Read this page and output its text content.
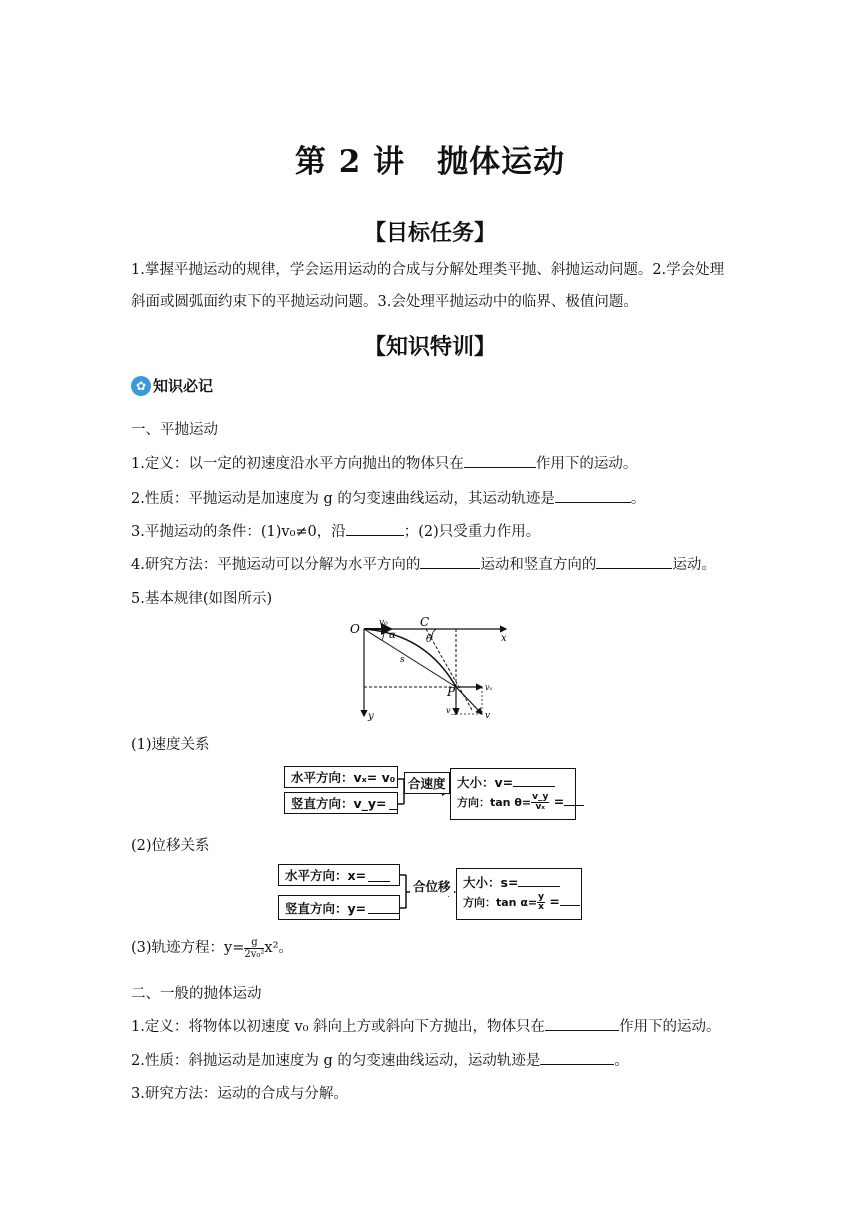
第 2 讲　抛体运动
【目标任务】
1.掌握平抛运动的规律，学会运用运动的合成与分解处理类平抛、斜抛运动问题。2.学会处理斜面或圆弧面约束下的平抛运动问题。3.会处理平抛运动中的临界、极值问题。
【知识特训】
✿ 知识必记
一、平抛运动
1.定义：以一定的初速度沿水平方向抛出的物体只在	作用下的运动。
2.性质：平抛运动是加速度为 g 的匀变速曲线运动，其运动轨迹是	。
3.平抛运动的条件：(1)v₀≠0，沿	；(2)只受重力作用。
4.研究方法：平抛运动可以分解为水平方向的	运动和竖直方向的	运动。
5.基本规律(如图所示)
O v₀	C
α	θ	x
s
P	vₓ
v_y
v
y
(1)速度关系
水平方向：vₓ= v₀
竖直方向：v_y=
合速度 大小：v=
方向：$\tan \theta= \frac{v\_y}{\text{vₓ}}$ =
(2)位移关系
水平方向：x=
竖直方向：y=
合位移 大小：s=
方向：$\tan \alpha= \frac{y}{x}$ =
(3)轨迹方程：$y= \frac{g}{\text{2v₀²}} x^2$。
二、一般的抛体运动
1.定义：将物体以初速度 v₀ 斜向上方或斜向下方抛出，物体只在	作用下的运动。
2.性质：斜抛运动是加速度为 g 的匀变速曲线运动，运动轨迹是	。
3.研究方法：运动的合成与分解。
